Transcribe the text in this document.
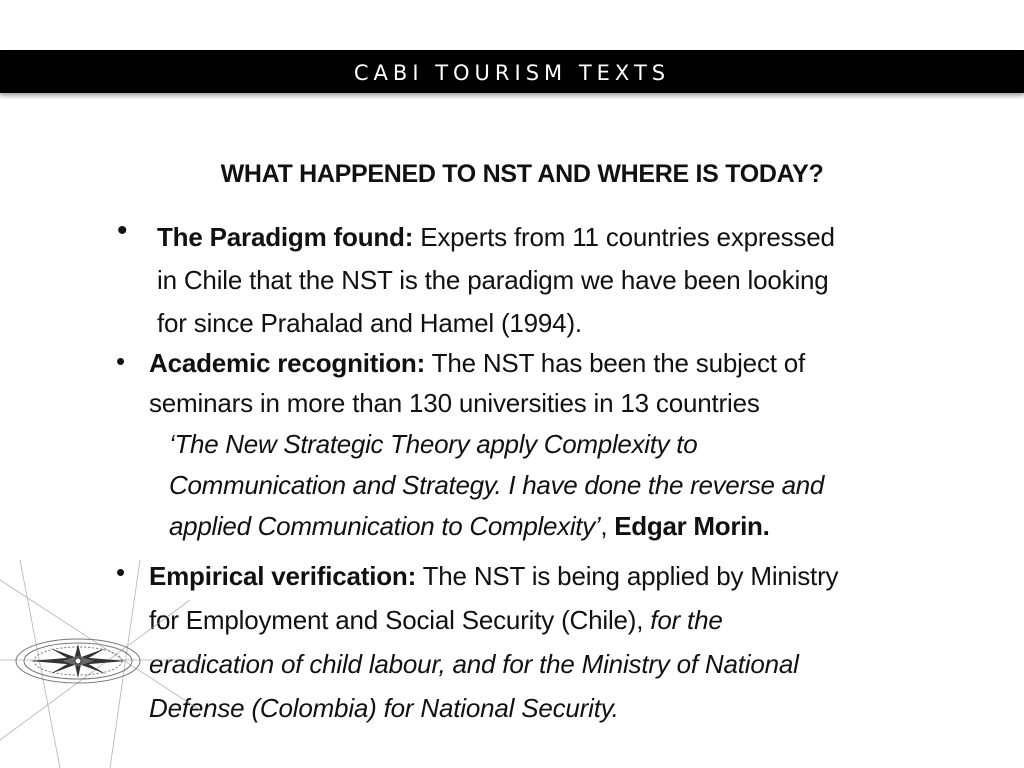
CABI TOURISM TEXTS
WHAT HAPPENED TO NST AND WHERE IS TODAY?
• The Paradigm found: Experts from 11 countries expressed
in Chile that the NST is the paradigm we have been looking
for since Prahalad and Hamel (1994).
• Academic recognition: The NST has been the subject of
seminars in more than 130 universities in 13 countries
‘The New Strategic Theory apply Complexity to
Communication and Strategy. I have done the reverse and
applied Communication to Complexity’, Edgar Morin.
• Empirical verification: The NST is being applied by Ministry
for Employment and Social Security (Chile), for the
eradication of child labour, and for the Ministry of National
Defense (Colombia) for National Security.
